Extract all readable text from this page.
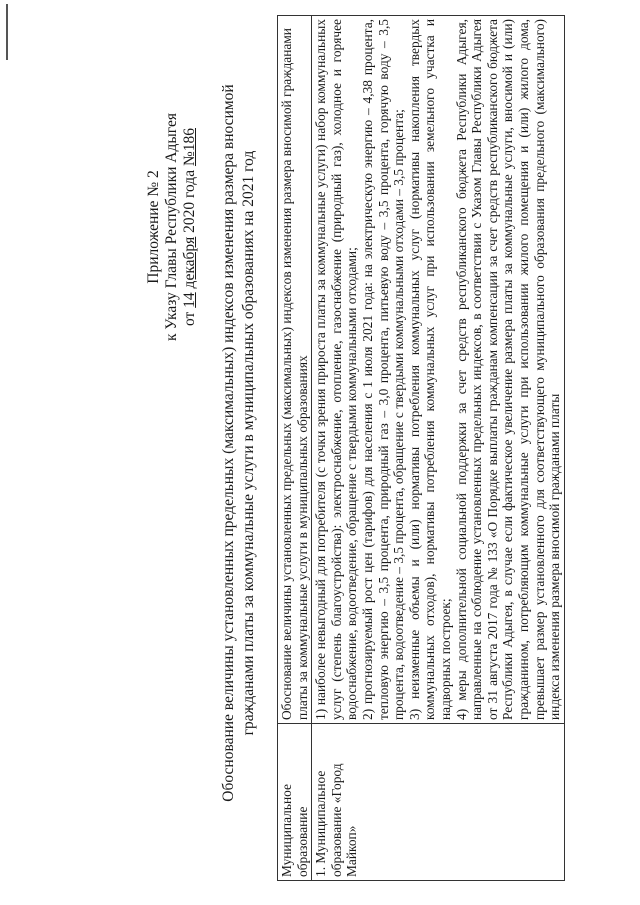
Приложение № 2 к Указу Главы Республики Адыгея от 14 декабря 2020 года №186 Обоснование величины установленных предельных (максимальных) индексов изменения размера вносимой гражданами платы за коммунальные услуги в муниципальных образованиях на 2021 год
Муниципальное образование	Обоснование величины установленных предельных (максимальных) индексов изменения размера вносимой гражданами платы за коммунальные услуги в муниципальных образованиях
1. Муниципальное образование «Город Майкоп»	1) наиболее невыгодный для потребителя (с точки зрения прироста платы за коммунальные услуги) набор коммунальных услуг (степень благоустройства): электроснабжение, отопление, газоснабжение (природный газ), холодное и горячее водоснабжение, водоотведение, обращение с твердыми коммунальными отходами; 2) прогнозируемый рост цен (тарифов) для населения с 1 июля 2021 года: на электрическую энергию – 4,38 процента, тепловую энергию – 3,5 процента, природный газ – 3,0 процента, питьевую воду – 3,5 процента, горячую воду – 3,5 процента, водоотведение – 3,5 процента, обращение с твердыми коммунальными отходами – 3,5 процента; 3) неизменные объемы и (или) нормативы потребления коммунальных услуг (нормативы накопления твердых коммунальных отходов), нормативы потребления коммунальных услуг при использовании земельного участка и надворных построек; 4) меры дополнительной социальной поддержки за счет средств республиканского бюджета Республики Адыгея, направленные на соблюдение установленных предельных индексов, в соответствии с Указом Главы Республики Адыгея от 31 августа 2017 года № 133 «О Порядке выплаты гражданам компенсации за счет средств республиканского бюджета Республики Адыгея, в случае если фактическое увеличение размера платы за коммунальные услуги, вносимой и (или) гражданином, потребляющим коммунальные услуги при использовании жилого помещения и (или) жилого дома, превышает размер установленного для соответствующего муниципального образования предельного (максимального) индекса изменения размера вносимой гражданами платы
